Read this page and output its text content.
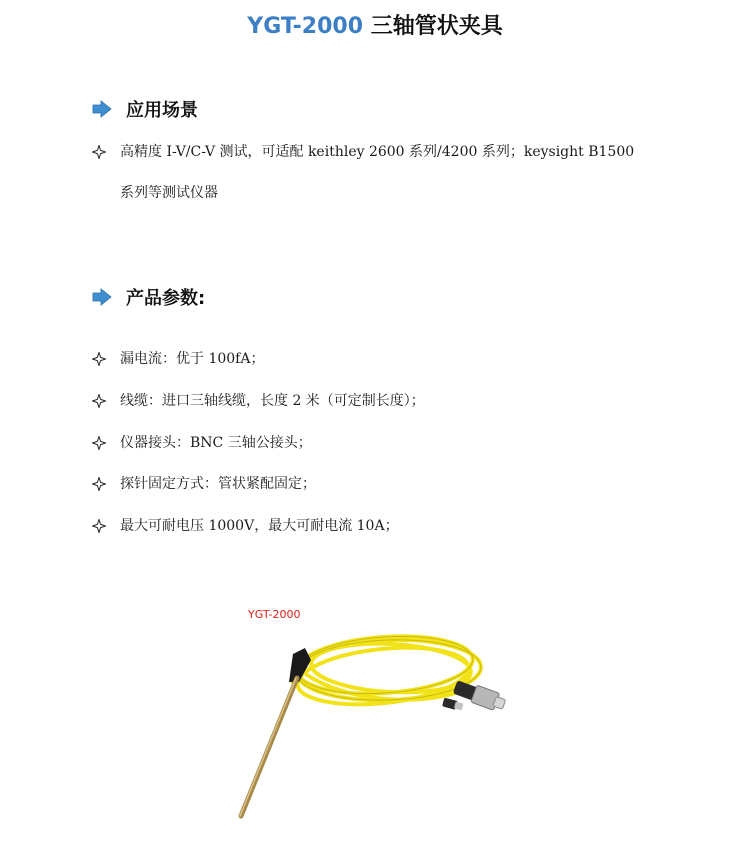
YGT-2000 三轴管状夹具
应用场景
高精度 I-V/C-V 测试，可适配 keithley 2600 系列/4200 系列；keysight B1500
系列等测试仪器
产品参数:
漏电流：优于 100fA；
线缆：进口三轴线缆，长度 2 米（可定制长度）；
仪器接头：BNC 三轴公接头；
探针固定方式：管状紧配固定；
最大可耐电压 1000V，最大可耐电流 10A；
YGT-2000
